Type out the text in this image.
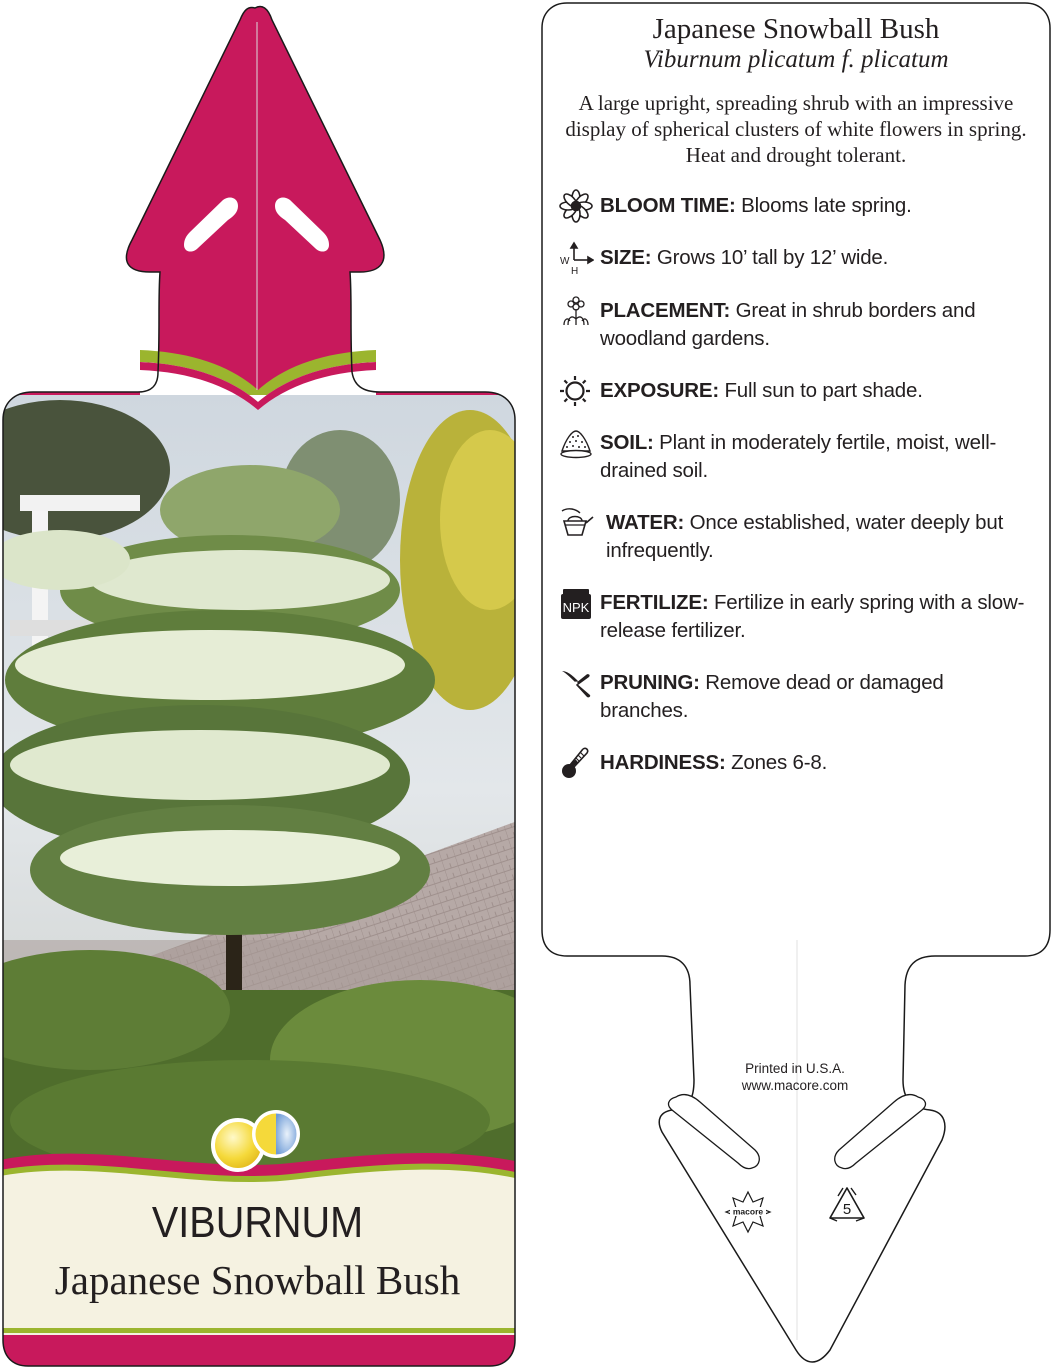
macore	5
VIBURNUM
Japanese Snowball Bush
Japanese Snowball Bush
Viburnum plicatum f. plicatum
A large upright, spreading shrub with an impressive display of spherical clusters of white flowers in spring. Heat and drought tolerant.
BLOOM TIME: Blooms late spring.
W
H
SIZE: Grows 10’ tall by 12’ wide.
PLACEMENT: Great in shrub borders and woodland gardens.
EXPOSURE: Full sun to part shade.
SOIL: Plant in moderately fertile, moist, well-drained soil.
WATER: Once established, water deeply but infrequently.
NPK FERTILIZE: Fertilize in early spring with a slow-release fertilizer.
PRUNING: Remove dead or damaged branches.
HARDINESS: Zones 6-8.
Printed in U.S.A.
www.macore.com
